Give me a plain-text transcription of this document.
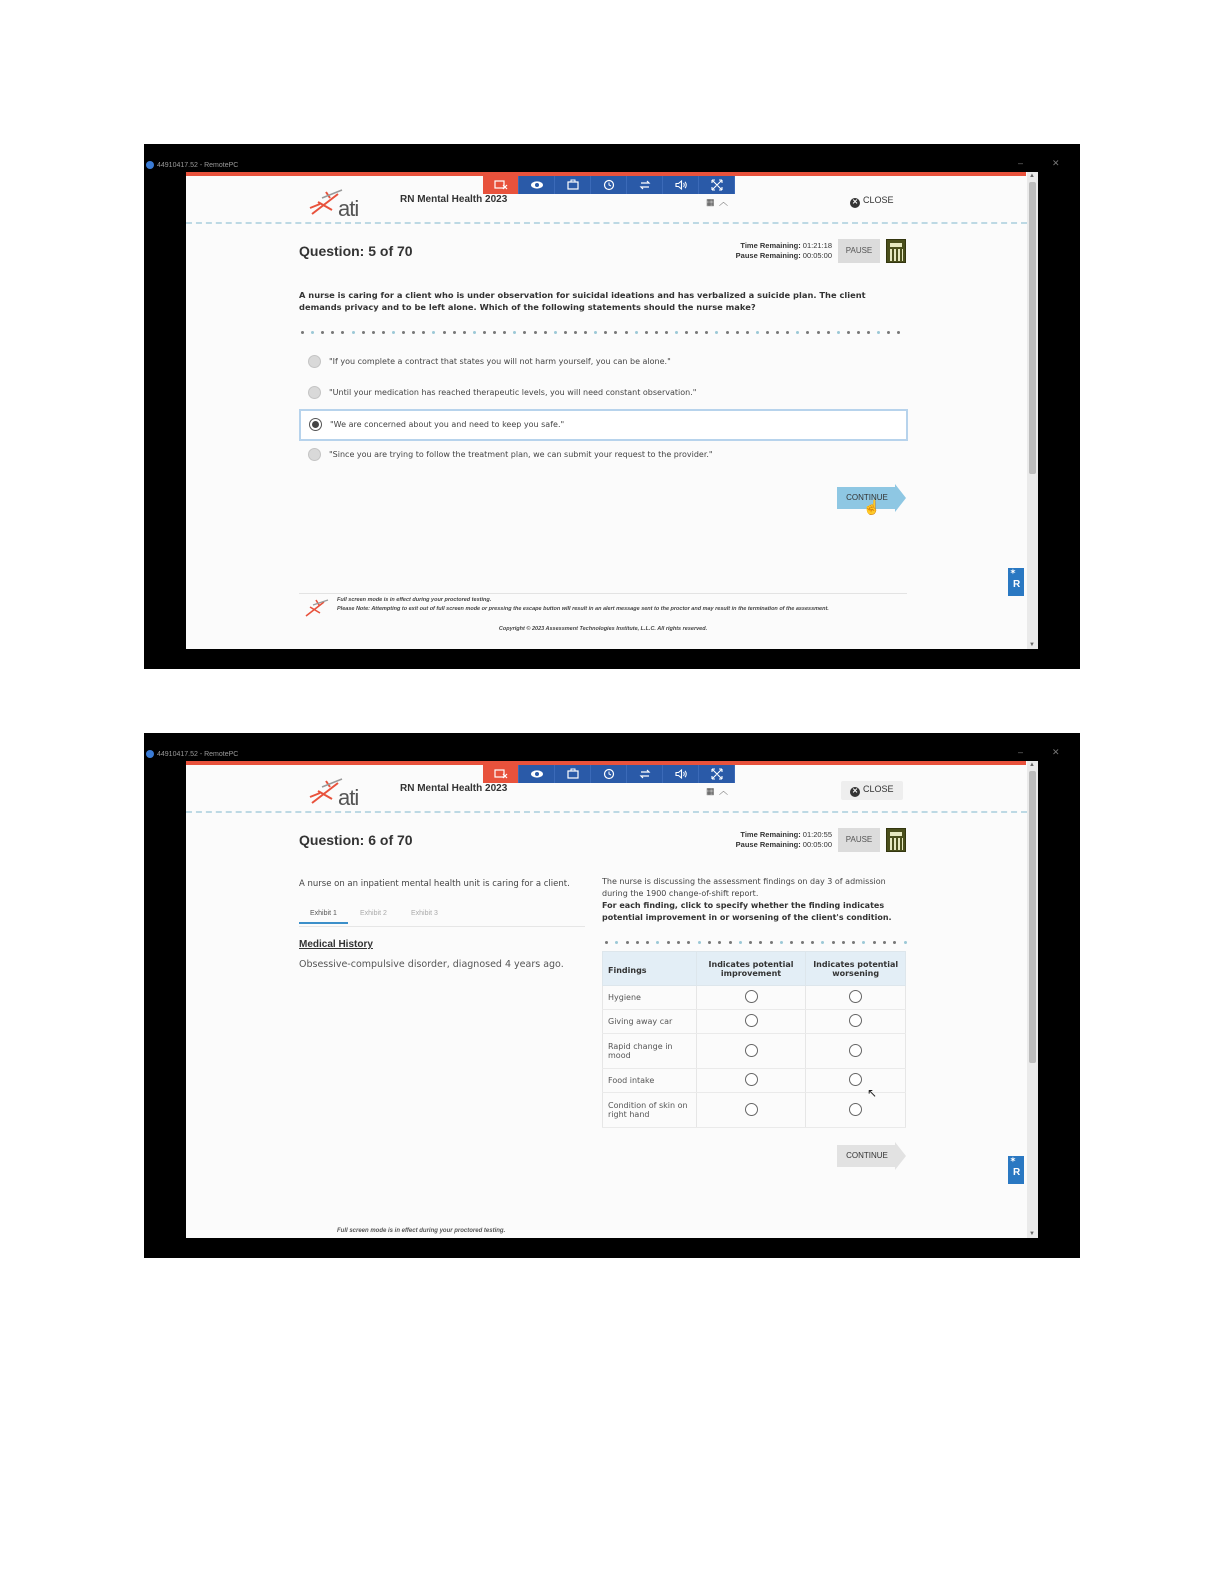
44910417.52 - RemotePC	‒	✕
ati	RN Mental Health 2023	▦ ︿	✕ CLOSE
Question: 5 of 70	Time Remaining: 01:21:18
Pause Remaining: 00:05:00
PAUSE
A nurse is caring for a client who is under observation for suicidal ideations and has verbalized a suicide plan. The client demands privacy and to be left alone. Which of the following statements should the nurse make?
"If you complete a contract that states you will not harm yourself, you can be alone."
"Until your medication has reached therapeutic levels, you will need constant observation."
"We are concerned about you and need to keep you safe."
"Since you are trying to follow the treatment plan, we can submit your request to the provider."
CONTINUE
☝
Full screen mode is in effect during your proctored testing.
Please Note: Attempting to exit out of full screen mode or pressing the escape button will result in an alert message sent to the proctor and may result in the termination of the assessment.
Copyright © 2023 Assessment Technologies Institute, L.L.C. All rights reserved.
✶
R
▲
▼
44910417.52 - RemotePC	‒	✕
ati	RN Mental Health 2023	▦ ︿	✕ CLOSE
Question: 6 of 70	Time Remaining: 01:20:55
Pause Remaining: 00:05:00
PAUSE
A nurse on an inpatient mental health unit is caring for a client.
Exhibit 1	Exhibit 2	Exhibit 3
Medical History
Obsessive-compulsive disorder, diagnosed 4 years ago.
The nurse is discussing the assessment findings on day 3 of admission during the 1900 change-of-shift report.
For each finding, click to specify whether the finding indicates potential improvement in or worsening of the client's condition.
Findings	Indicates potential improvement	Indicates potential worsening
Hygiene		
Giving away car		
Rapid change in mood		
Food intake		
Condition of skin on right hand		
↖
CONTINUE
✶
R
Full screen mode is in effect during your proctored testing.
▲
▼
